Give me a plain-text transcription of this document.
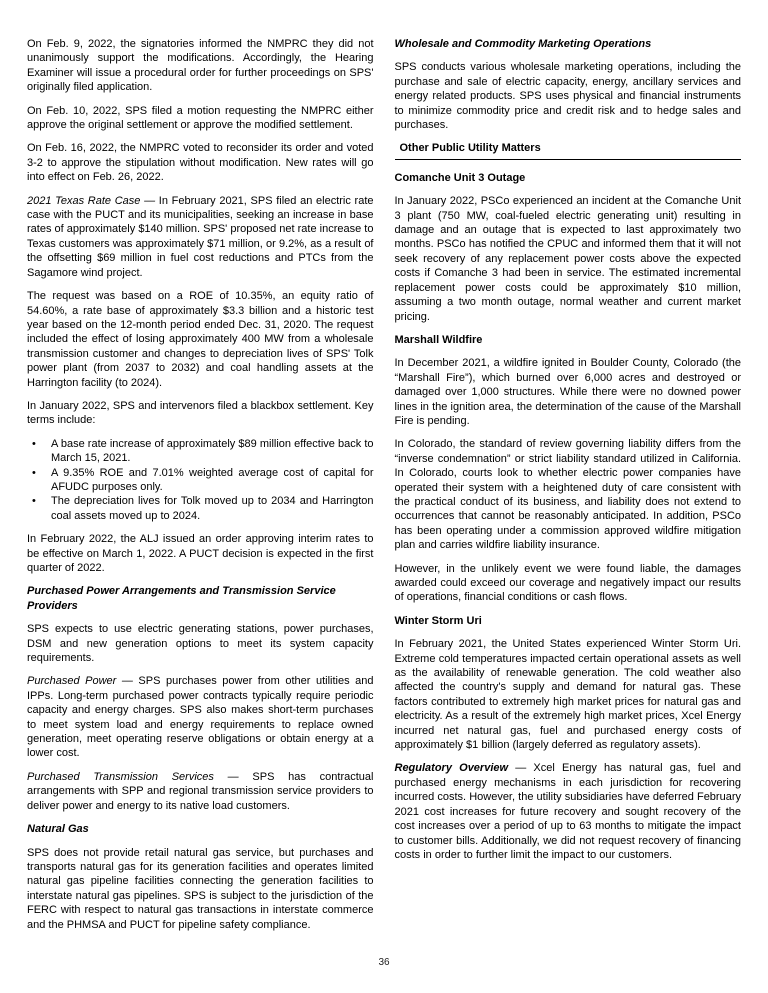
On Feb. 9, 2022, the signatories informed the NMPRC they did not unanimously support the modifications. Accordingly, the Hearing Examiner will issue a procedural order for further proceedings on SPS' originally filed application.

On Feb. 10, 2022, SPS filed a motion requesting the NMPRC either approve the original settlement or approve the modified settlement.

On Feb. 16, 2022, the NMPRC voted to reconsider its order and voted 3-2 to approve the stipulation without modification. New rates will go into effect on Feb. 26, 2022.

2021 Texas Rate Case — In February 2021, SPS filed an electric rate case with the PUCT and its municipalities, seeking an increase in base rates of approximately $140 million. SPS' proposed net rate increase to Texas customers was approximately $71 million, or 9.2%, as a result of the offsetting $69 million in fuel cost reductions and PTCs from the Sagamore wind project.

The request was based on a ROE of 10.35%, an equity ratio of 54.60%, a rate base of approximately $3.3 billion and a historic test year based on the 12-month period ended Dec. 31, 2020. The request included the effect of losing approximately 400 MW from a wholesale transmission customer and changes to depreciation lives of SPS' Tolk power plant (from 2037 to 2032) and coal handling assets at the Harrington facility (to 2024).

In January 2022, SPS and intervenors filed a blackbox settlement. Key terms include:

• A base rate increase of approximately $89 million effective back to March 15, 2021.
• A 9.35% ROE and 7.01% weighted average cost of capital for AFUDC purposes only.
• The depreciation lives for Tolk moved up to 2034 and Harrington coal assets moved up to 2024.

In February 2022, the ALJ issued an order approving interim rates to be effective on March 1, 2022. A PUCT decision is expected in the first quarter of 2022.

Purchased Power Arrangements and Transmission Service Providers

SPS expects to use electric generating stations, power purchases, DSM and new generation options to meet its system capacity requirements.

Purchased Power — SPS purchases power from other utilities and IPPs. Long-term purchased power contracts typically require periodic capacity and energy charges. SPS also makes short-term purchases to meet system load and energy requirements to replace owned generation, meet operating reserve obligations or obtain energy at a lower cost.

Purchased Transmission Services — SPS has contractual arrangements with SPP and regional transmission service providers to deliver power and energy to its native load customers.

Natural Gas

SPS does not provide retail natural gas service, but purchases and transports natural gas for its generation facilities and operates limited natural gas pipeline facilities connecting the generation facilities to interstate natural gas pipelines. SPS is subject to the jurisdiction of the FERC with respect to natural gas transactions in interstate commerce and the PHMSA and PUCT for pipeline safety compliance.

Wholesale and Commodity Marketing Operations

SPS conducts various wholesale marketing operations, including the purchase and sale of electric capacity, energy, ancillary services and energy related products. SPS uses physical and financial instruments to minimize commodity price and credit risk and to hedge sales and purchases.

Other Public Utility Matters
Comanche Unit 3 Outage

In January 2022, PSCo experienced an incident at the Comanche Unit 3 plant (750 MW, coal-fueled electric generating unit) resulting in damage and an outage that is expected to last approximately two months. PSCo has notified the CPUC and informed them that it will not seek recovery of any replacement power costs above the expected costs if Comanche 3 had been in service. The estimated incremental replacement power costs could be approximately $10 million, assuming a two month outage, normal weather and current market pricing.

Marshall Wildfire

In December 2021, a wildfire ignited in Boulder County, Colorado (the “Marshall Fire”), which burned over 6,000 acres and destroyed or damaged over 1,000 structures. While there were no downed power lines in the ignition area, the determination of the cause of the Marshall Fire is pending.

In Colorado, the standard of review governing liability differs from the “inverse condemnation” or strict liability standard utilized in California. In Colorado, courts look to whether electric power companies have operated their system with a heightened duty of care consistent with the practical conduct of its business, and liability does not extend to occurrences that cannot be reasonably anticipated. In addition, PSCo has been operating under a commission approved wildfire mitigation plan and carries wildfire liability insurance.

However, in the unlikely event we were found liable, the damages awarded could exceed our coverage and negatively impact our results of operations, financial conditions or cash flows.

Winter Storm Uri

In February 2021, the United States experienced Winter Storm Uri. Extreme cold temperatures impacted certain operational assets as well as the availability of renewable generation. The cold weather also affected the country's supply and demand for natural gas. These factors contributed to extremely high market prices for natural gas and electricity. As a result of the extremely high market prices, Xcel Energy incurred net natural gas, fuel and purchased energy costs of approximately $1 billion (largely deferred as regulatory assets).

Regulatory Overview — Xcel Energy has natural gas, fuel and purchased energy mechanisms in each jurisdiction for recovering incurred costs. However, the utility subsidiaries have deferred February 2021 cost increases for future recovery and sought recovery of the cost increases over a period of up to 63 months to mitigate the impact to customer bills. Additionally, we did not request recovery of financing costs in order to further limit the impact to our customers.

36
